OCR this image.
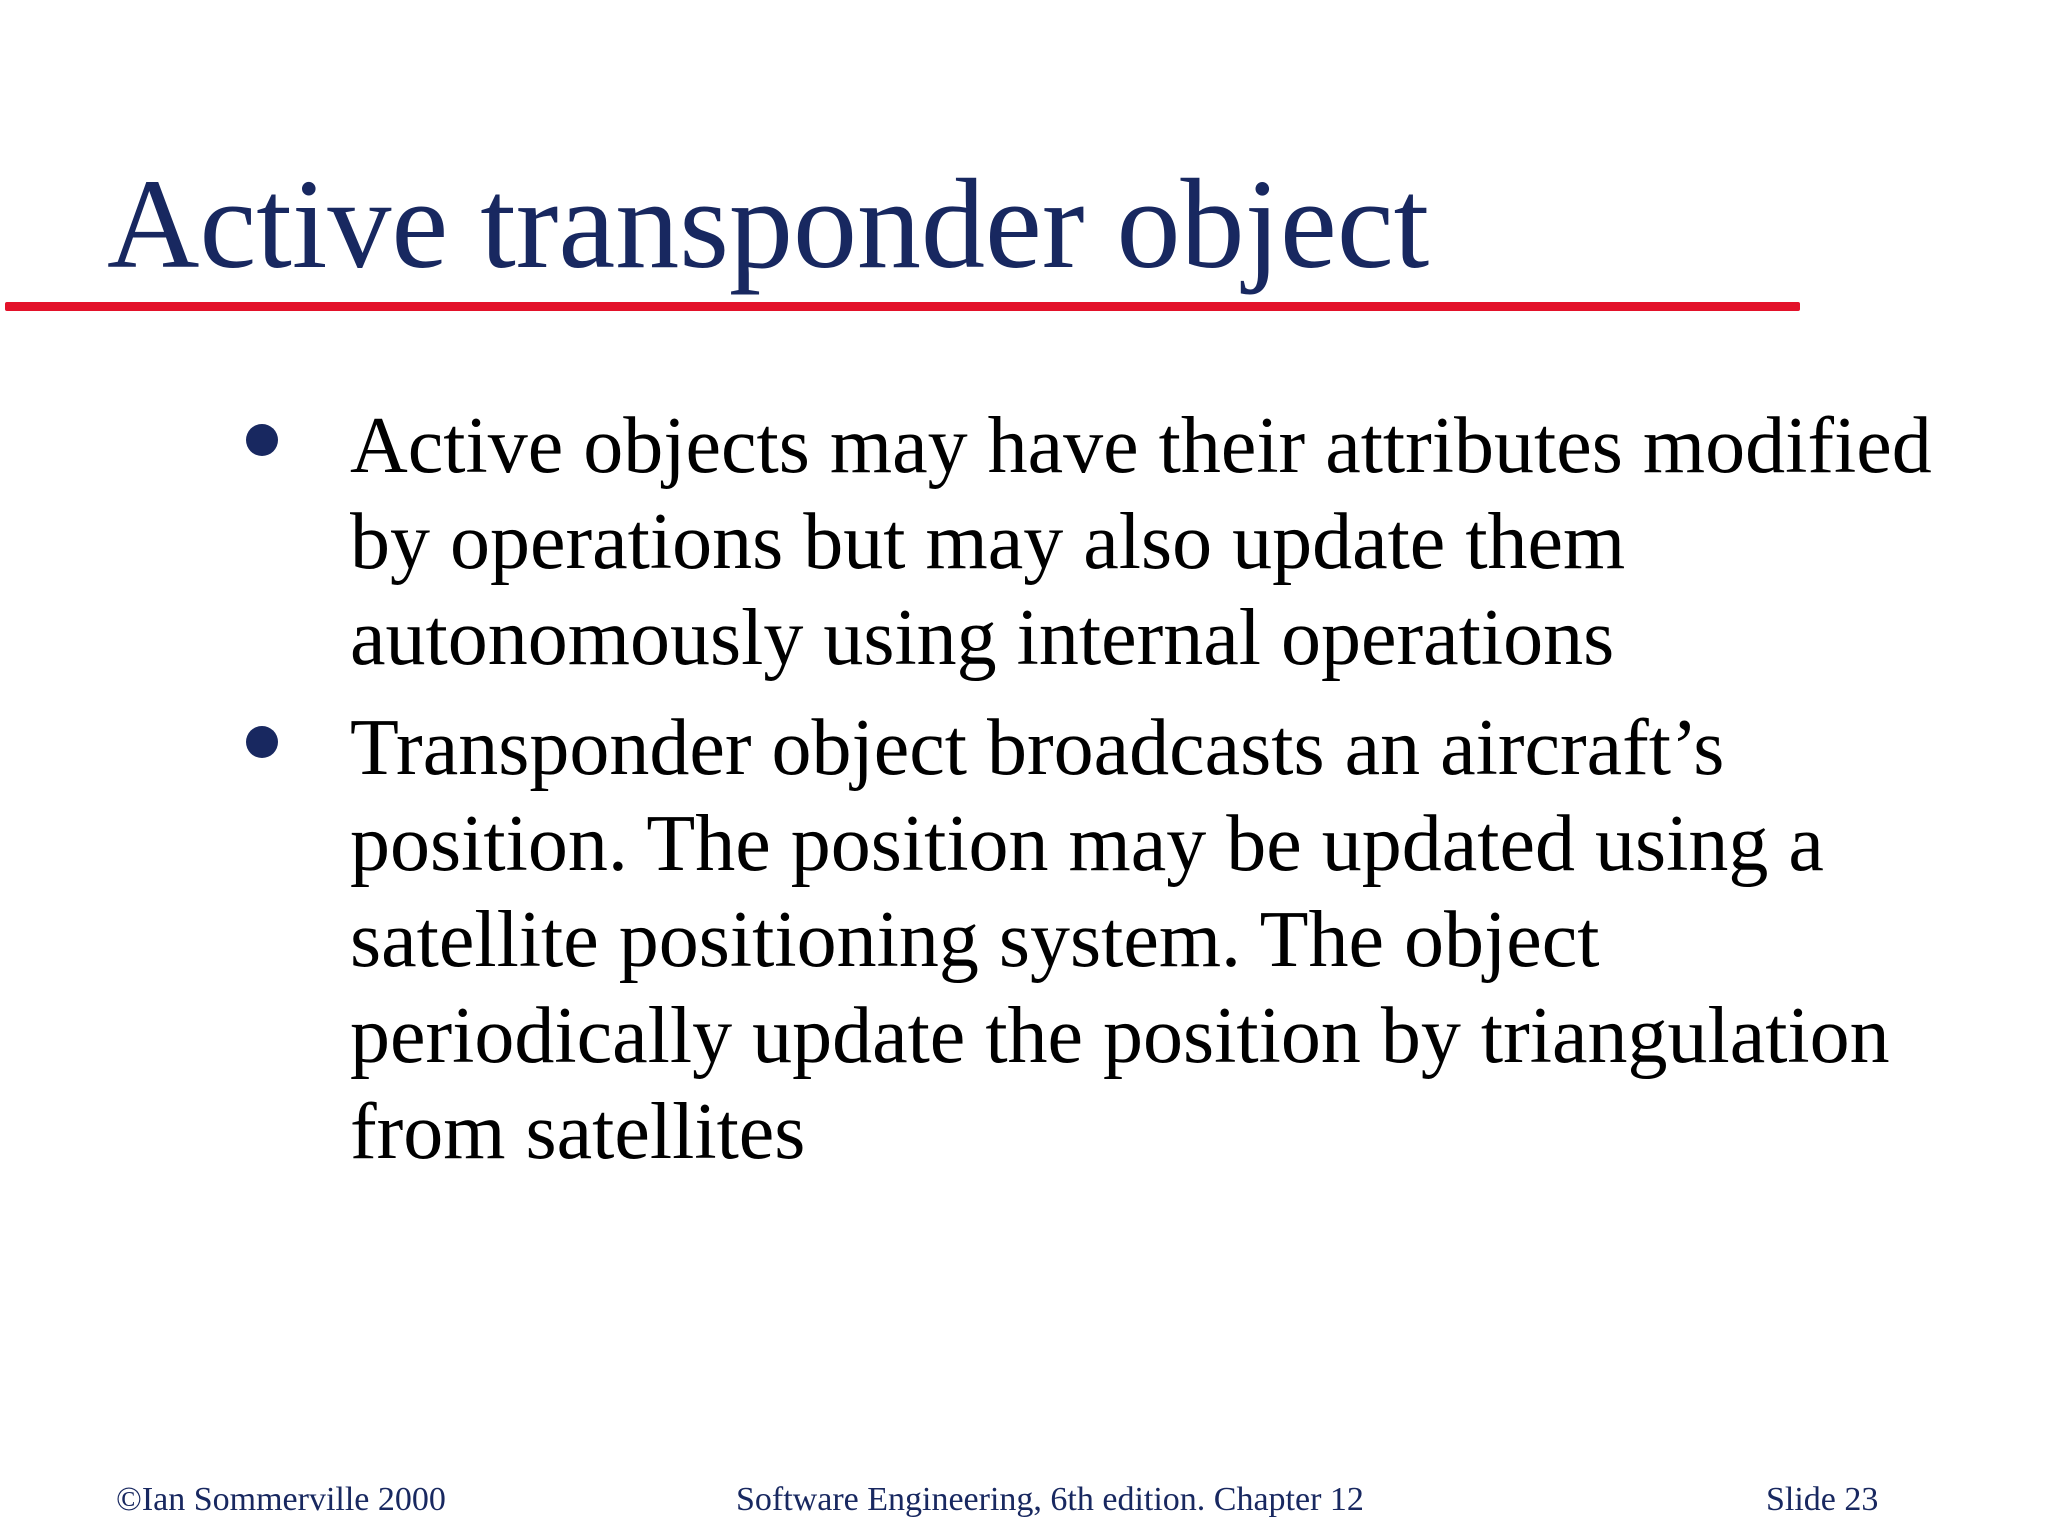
Active transponder object
Active objects may have their attributes modified
by operations but may also update them
autonomously using internal operations
Transponder object broadcasts an aircraft’s
position. The position may be updated using a
satellite positioning system. The object
periodically update the position by triangulation
from satellites
©Ian Sommerville 2000	Software Engineering, 6th edition. Chapter 12	Slide 23
